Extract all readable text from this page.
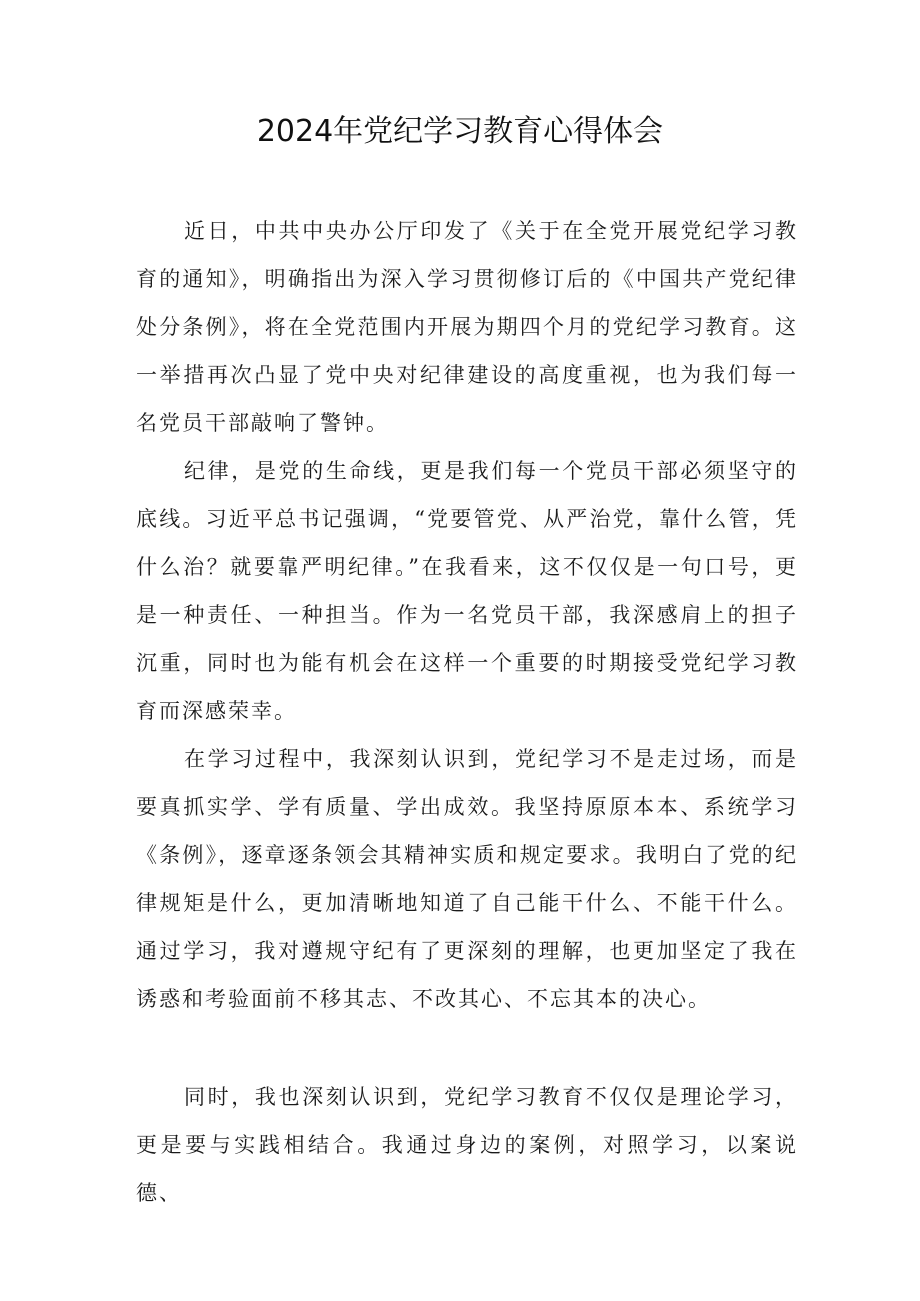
2024年党纪学习教育心得体会

近日，中共中央办公厅印发了《关于在全党开展党纪学习教育的通知》，明确指出为深入学习贯彻修订后的《中国共产党纪律处分条例》，将在全党范围内开展为期四个月的党纪学习教育。这一举措再次凸显了党中央对纪律建设的高度重视，也为我们每一名党员干部敲响了警钟。

纪律，是党的生命线，更是我们每一个党员干部必须坚守的底线。习近平总书记强调，“党要管党、从严治党，靠什么管，凭什么治？就要靠严明纪律。”在我看来，这不仅仅是一句口号，更是一种责任、一种担当。作为一名党员干部，我深感肩上的担子沉重，同时也为能有机会在这样一个重要的时期接受党纪学习教育而深感荣幸。

在学习过程中，我深刻认识到，党纪学习不是走过场，而是要真抓实学、学有质量、学出成效。我坚持原原本本、系统学习《条例》，逐章逐条领会其精神实质和规定要求。我明白了党的纪律规矩是什么，更加清晰地知道了自己能干什么、不能干什么。通过学习，我对遵规守纪有了更深刻的理解，也更加坚定了我在诱惑和考验面前不移其志、不改其心、不忘其本的决心。

同时，我也深刻认识到，党纪学习教育不仅仅是理论学习，更是要与实践相结合。我通过身边的案例，对照学习，以案说德、
